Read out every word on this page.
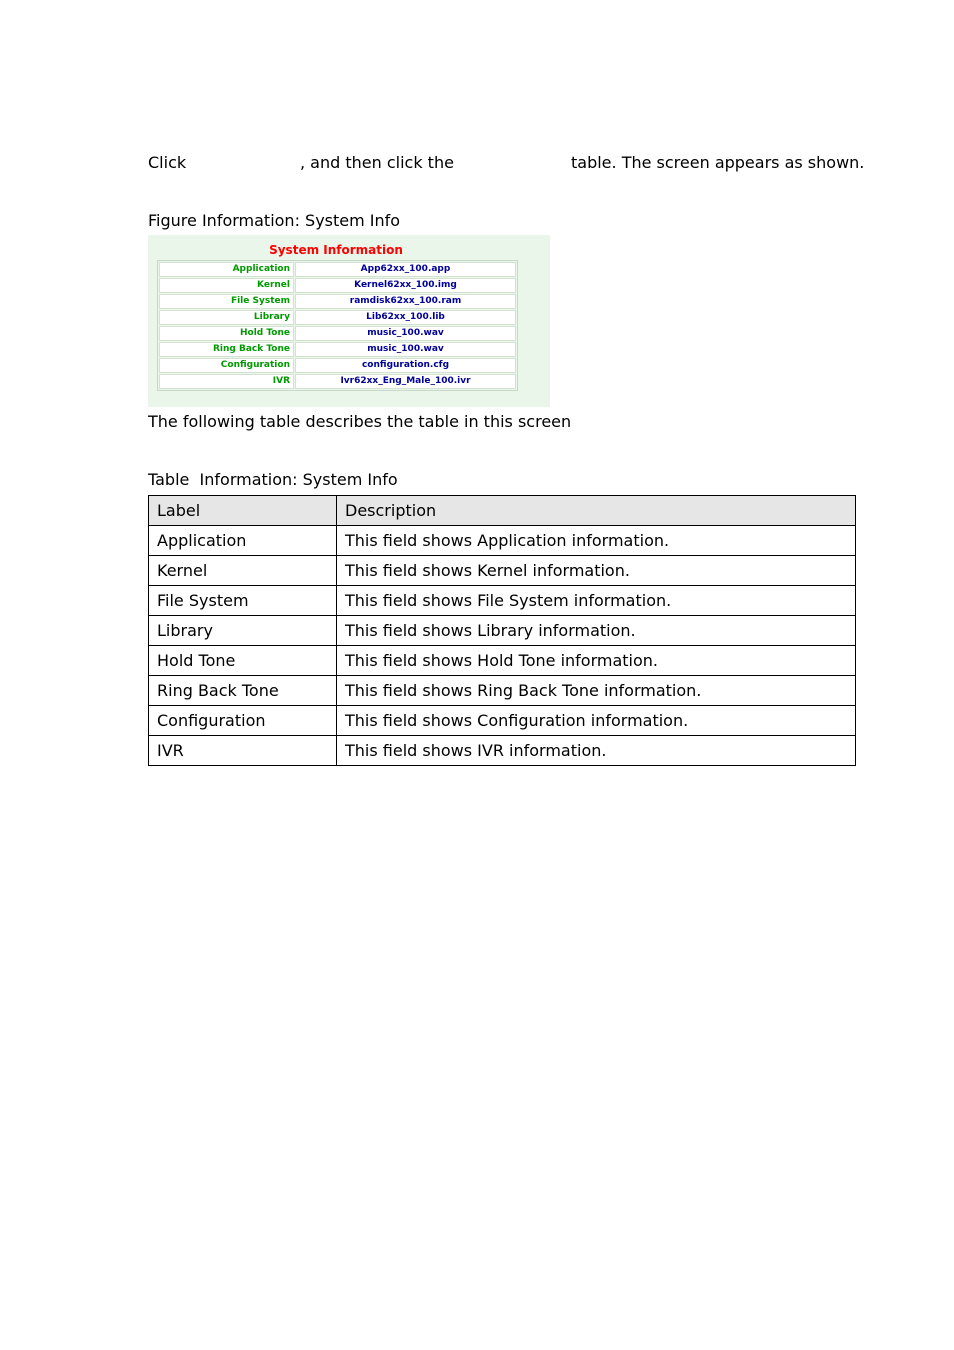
Click	, and then click the	table. The screen appears as shown.
Figure Information: System Info
System Information
Application	App62xx_100.app
Kernel	Kernel62xx_100.img
File System	ramdisk62xx_100.ram
Library	Lib62xx_100.lib
Hold Tone	music_100.wav
Ring Back Tone	music_100.wav
Configuration	configuration.cfg
IVR	Ivr62xx_Eng_Male_100.ivr
The following table describes the table in this screen
Table Information: System Info
Label	Description
Application	This field shows Application information.
Kernel	This field shows Kernel information.
File System	This field shows File System information.
Library	This field shows Library information.
Hold Tone	This field shows Hold Tone information.
Ring Back Tone	This field shows Ring Back Tone information.
Configuration	This field shows Configuration information.
IVR	This field shows IVR information.
